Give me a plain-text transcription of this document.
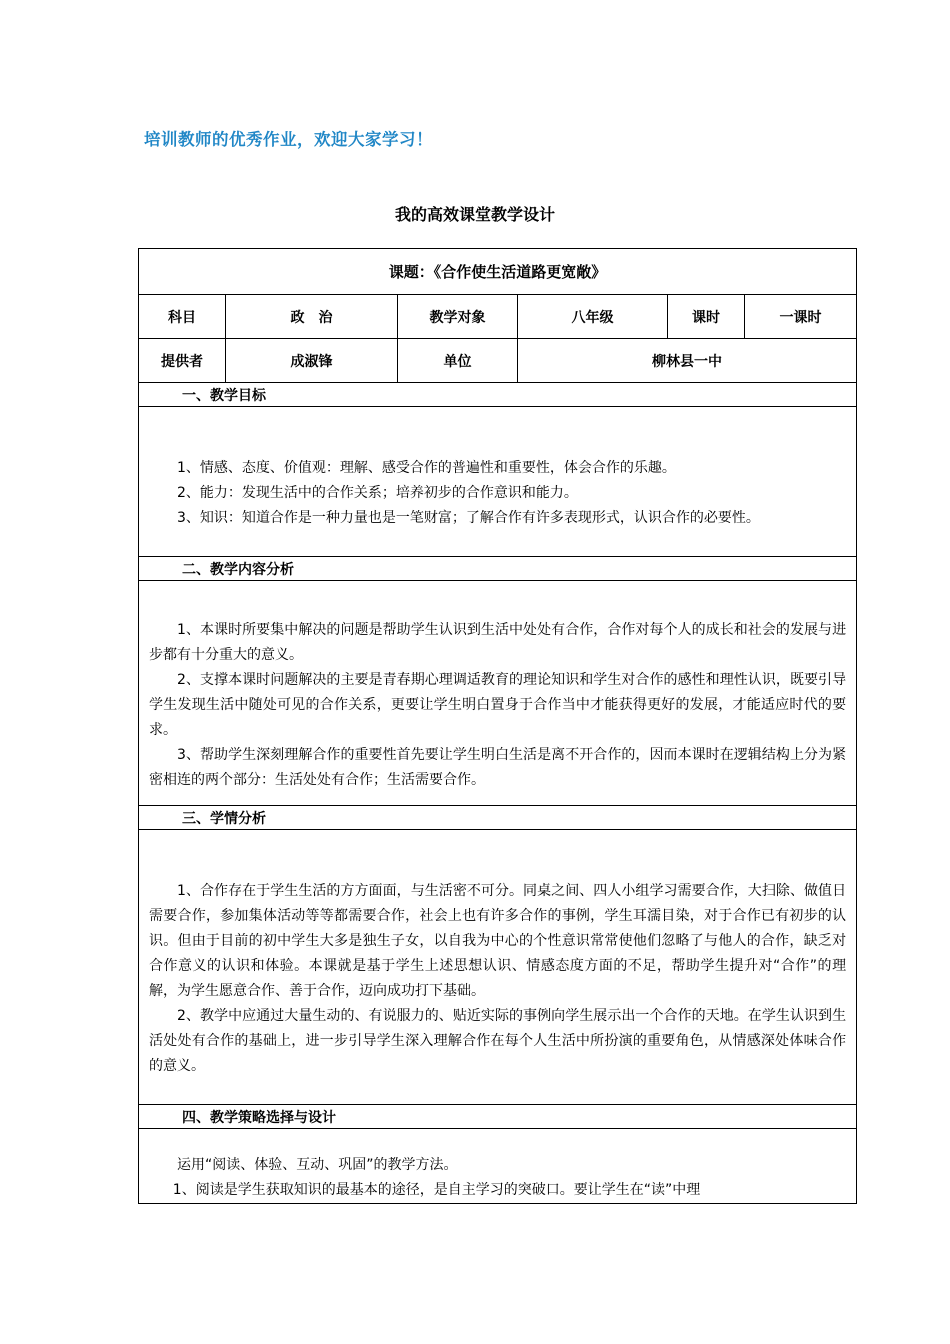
培训教师的优秀作业，欢迎大家学习！
我的高效课堂教学设计
课题：《合作使生活道路更宽敞》					
科目	政　治	教学对象	八年级	课时	一课时
提供者	成淑锋	单位	柳林县一中		
一、教学目标					

1、情感、态度、价值观：理解、感受合作的普遍性和重要性，体会合作的乐趣。

2、能力：发现生活中的合作关系；培养初步的合作意识和能力。

3、知识：知道合作是一种力量也是一笔财富；了解合作有许多表现形式，认识合作的必要性。					

二、教学内容分析					

1、本课时所要集中解决的问题是帮助学生认识到生活中处处有合作，合作对每个人的成长和社会的发展与进步都有十分重大的意义。

2、支撑本课时问题解决的主要是青春期心理调适教育的理论知识和学生对合作的感性和理性认识，既要引导学生发现生活中随处可见的合作关系，更要让学生明白置身于合作当中才能获得更好的发展，才能适应时代的要求。

3、帮助学生深刻理解合作的重要性首先要让学生明白生活是离不开合作的，因而本课时在逻辑结构上分为紧密相连的两个部分：生活处处有合作；生活需要合作。					

三、学情分析					

1、合作存在于学生生活的方方面面，与生活密不可分。同桌之间、四人小组学习需要合作，大扫除、做值日需要合作，参加集体活动等等都需要合作，社会上也有许多合作的事例，学生耳濡目染，对于合作已有初步的认识。但由于目前的初中学生大多是独生子女，以自我为中心的个性意识常常使他们忽略了与他人的合作，缺乏对合作意义的认识和体验。本课就是基于学生上述思想认识、情感态度方面的不足，帮助学生提升对“合作”的理解，为学生愿意合作、善于合作，迈向成功打下基础。

2、教学中应通过大量生动的、有说服力的、贴近实际的事例向学生展示出一个合作的天地。在学生认识到生活处处有合作的基础上，进一步引导学生深入理解合作在每个人生活中所扮演的重要角色，从情感深处体味合作的意义。					

四、教学策略选择与设计					

运用“阅读、体验、互动、巩固”的教学方法。

1、阅读是学生获取知识的最基本的途径，是自主学习的突破口。要让学生在“读”中理					
